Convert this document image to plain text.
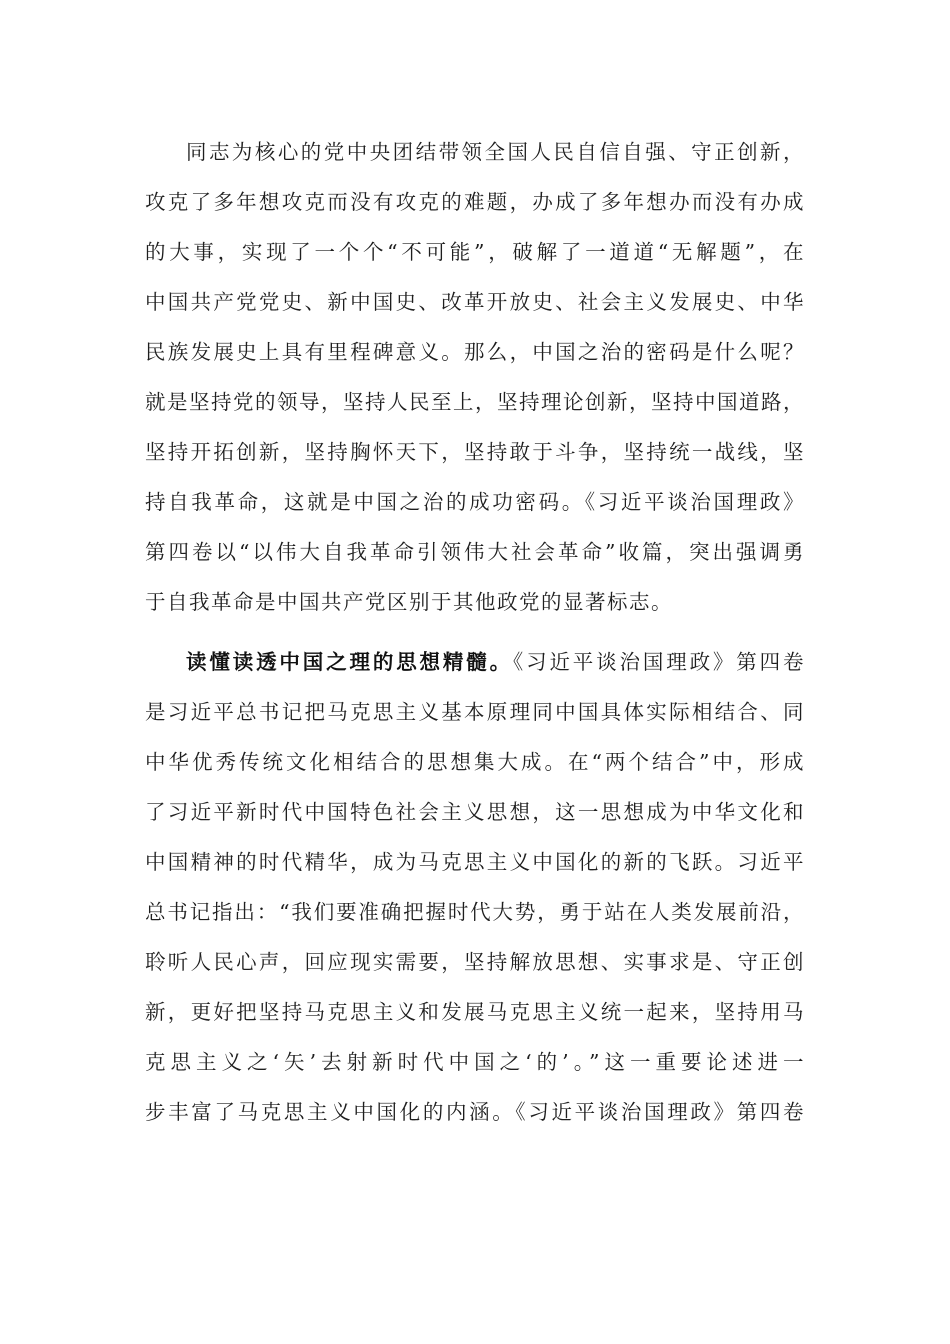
同志为核心的党中央团结带领全国人民自信自强、守正创新，
攻克了多年想攻克而没有攻克的难题，办成了多年想办而没有办成
的大事，实现了一个个“不可能”，破解了一道道“无解题”，在
中国共产党党史、新中国史、改革开放史、社会主义发展史、中华
民族发展史上具有里程碑意义。那么，中国之治的密码是什么呢？
就是坚持党的领导，坚持人民至上，坚持理论创新，坚持中国道路，
坚持开拓创新，坚持胸怀天下，坚持敢于斗争，坚持统一战线，坚
持自我革命，这就是中国之治的成功密码。《习近平谈治国理政》
第四卷以“以伟大自我革命引领伟大社会革命”收篇，突出强调勇
于自我革命是中国共产党区别于其他政党的显著标志。
读懂读透中国之理的思想精髓。《习近平谈治国理政》第四卷
是习近平总书记把马克思主义基本原理同中国具体实际相结合、同
中华优秀传统文化相结合的思想集大成。在“两个结合”中，形成
了习近平新时代中国特色社会主义思想，这一思想成为中华文化和
中国精神的时代精华，成为马克思主义中国化的新的飞跃。习近平
总书记指出：“我们要准确把握时代大势，勇于站在人类发展前沿，
聆听人民心声，回应现实需要，坚持解放思想、实事求是、守正创
新，更好把坚持马克思主义和发展马克思主义统一起来，坚持用马
克思主义之‘矢’去射新时代中国之‘的’。”这一重要论述进一
步丰富了马克思主义中国化的内涵。《习近平谈治国理政》第四卷
